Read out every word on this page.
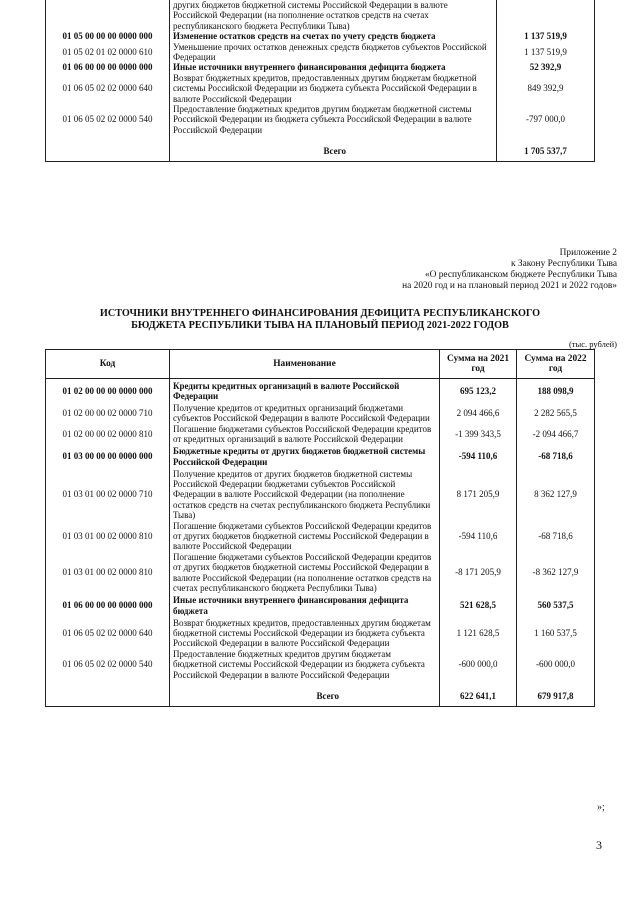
	других бюджетов бюджетной системы Российской Федерации в валюте Российской Федерации (на пополнение остатков средств на счетах республиканского бюджета Республики Тыва)	
01 05 00 00 00 0000 000	Изменение остатков средств на счетах по учету средств бюджета	1 137 519,9
01 05 02 01 02 0000 610	Уменьшение прочих остатков денежных средств бюджетов субъектов Российской Федерации	1 137 519,9
01 06 00 00 00 0000 000	Иные источники внутреннего финансирования дефицита бюджета	52 392,9
01 06 05 02 02 0000 640	Возврат бюджетных кредитов, предоставленных другим бюджетам бюджетной системы Российской Федерации из бюджета субъекта Российской Федерации в валюте Российской Федерации	849 392,9
01 06 05 02 02 0000 540	Предоставление бюджетных кредитов другим бюджетам бюджетной системы Российской Федерации из бюджета субъекта Российской Федерации в валюте Российской Федерации	-797 000,0

	Всего	1 705 537,7
Приложение 2
к Закону Республики Тыва
«О республиканском бюджете Республики Тыва
на 2020 год и на плановый период 2021 и 2022 годов»
ИСТОЧНИКИ ВНУТРЕННЕГО ФИНАНСИРОВАНИЯ ДЕФИЦИТА РЕСПУБЛИКАНСКОГО
БЮДЖЕТА РЕСПУБЛИКИ ТЫВА НА ПЛАНОВЫЙ ПЕРИОД 2021-2022 ГОДОВ
(тыс. рублей)
Код	Наименование	Сумма на 2021 год	Сумма на 2022 год
01 02 00 00 00 0000 000	Кредиты кредитных организаций в валюте Российской Федерации	695 123,2	188 098,9
01 02 00 00 02 0000 710	Получение кредитов от кредитных организаций бюджетами субъектов Российской Федерации в валюте Российской Федерации	2 094 466,6	2 282 565,5
01 02 00 00 02 0000 810	Погашение бюджетами субъектов Российской Федерации кредитов от кредитных организаций в валюте Российской Федерации	-1 399 343,5	-2 094 466,7
01 03 00 00 00 0000 000	Бюджетные кредиты от других бюджетов бюджетной системы Российской Федерации	-594 110,6	-68 718,6
01 03 01 00 02 0000 710	Получение кредитов от других бюджетов бюджетной системы Российской Федерации бюджетами субъектов Российской Федерации в валюте Российской Федерации (на пополнение остатков средств на счетах республиканского бюджета Республики Тыва)	8 171 205,9	8 362 127,9
01 03 01 00 02 0000 810	Погашение бюджетами субъектов Российской Федерации кредитов от других бюджетов бюджетной системы Российской Федерации в валюте Российской Федерации	-594 110,6	-68 718,6
01 03 01 00 02 0000 810	Погашение бюджетами субъектов Российской Федерации кредитов от других бюджетов бюджетной системы Российской Федерации в валюте Российской Федерации (на пополнение остатков средств на счетах республиканского бюджета Республики Тыва)	-8 171 205,9	-8 362 127,9
01 06 00 00 00 0000 000	Иные источники внутреннего финансирования дефицита бюджета	521 628,5	560 537,5
01 06 05 02 02 0000 640	Возврат бюджетных кредитов, предоставленных другим бюджетам бюджетной системы Российской Федерации из бюджета субъекта Российской Федерации в валюте Российской Федерации	1 121 628,5	1 160 537,5
01 06 05 02 02 0000 540	Предоставление бюджетных кредитов другим бюджетам бюджетной системы Российской Федерации из бюджета субъекта Российской Федерации в валюте Российской Федерации	-600 000,0	-600 000,0

	Всего	622 641,1	679 917,8
»;
3
